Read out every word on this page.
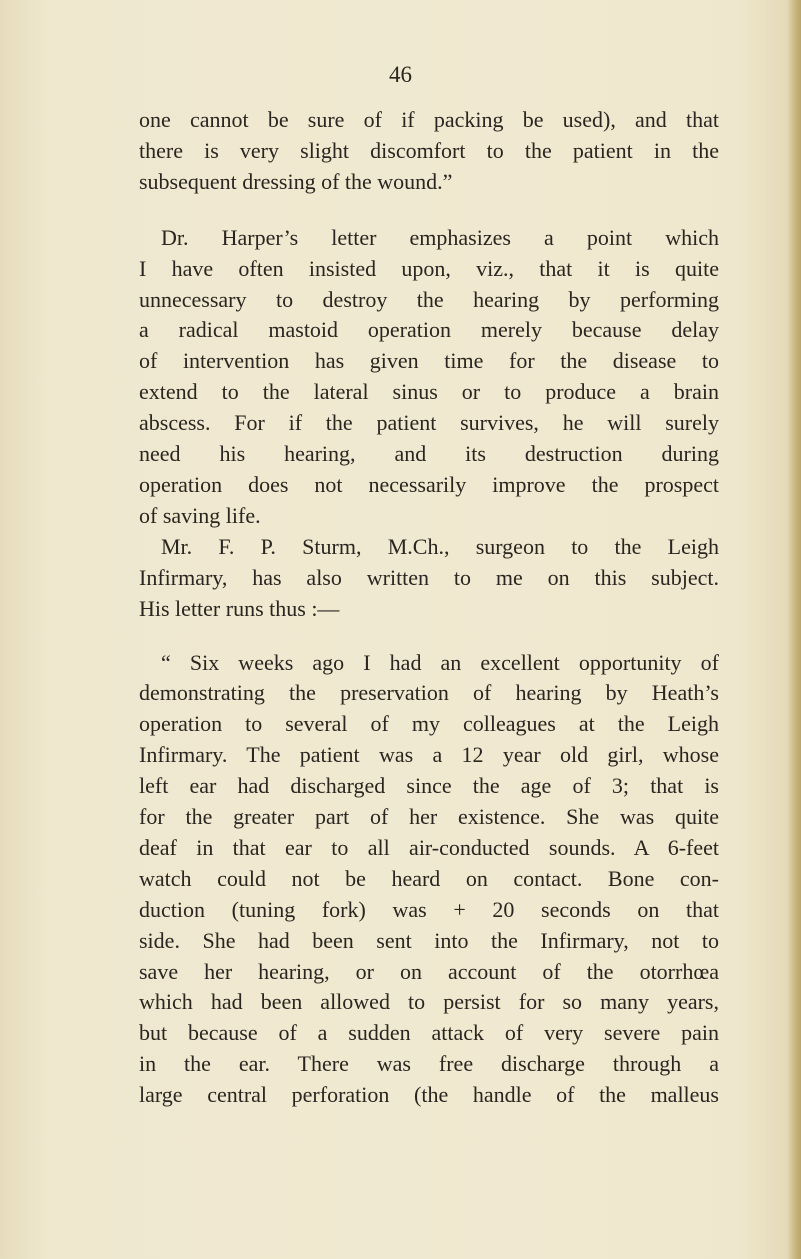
46
one cannot be sure of if packing be used), and that
there is very slight discomfort to the patient in the
subsequent dressing of the wound.”
Dr. Harper’s letter emphasizes a point which
I have often insisted upon, viz., that it is quite
unnecessary to destroy the hearing by performing
a radical mastoid operation merely because delay
of intervention has given time for the disease to
extend to the lateral sinus or to produce a brain
abscess. For if the patient survives, he will surely
need his hearing, and its destruction during
operation does not necessarily improve the prospect
of saving life.
Mr. F. P. Sturm, M.Ch., surgeon to the Leigh
Infirmary, has also written to me on this subject.
His letter runs thus :—
“ Six weeks ago I had an excellent opportunity of
demonstrating the preservation of hearing by Heath’s
operation to several of my colleagues at the Leigh
Infirmary. The patient was a 12 year old girl, whose
left ear had discharged since the age of 3; that is
for the greater part of her existence. She was quite
deaf in that ear to all air-conducted sounds. A 6-feet
watch could not be heard on contact. Bone con-
duction (tuning fork) was + 20 seconds on that
side. She had been sent into the Infirmary, not to
save her hearing, or on account of the otorrhœa
which had been allowed to persist for so many years,
but because of a sudden attack of very severe pain
in the ear. There was free discharge through a
large central perforation (the handle of the malleus
